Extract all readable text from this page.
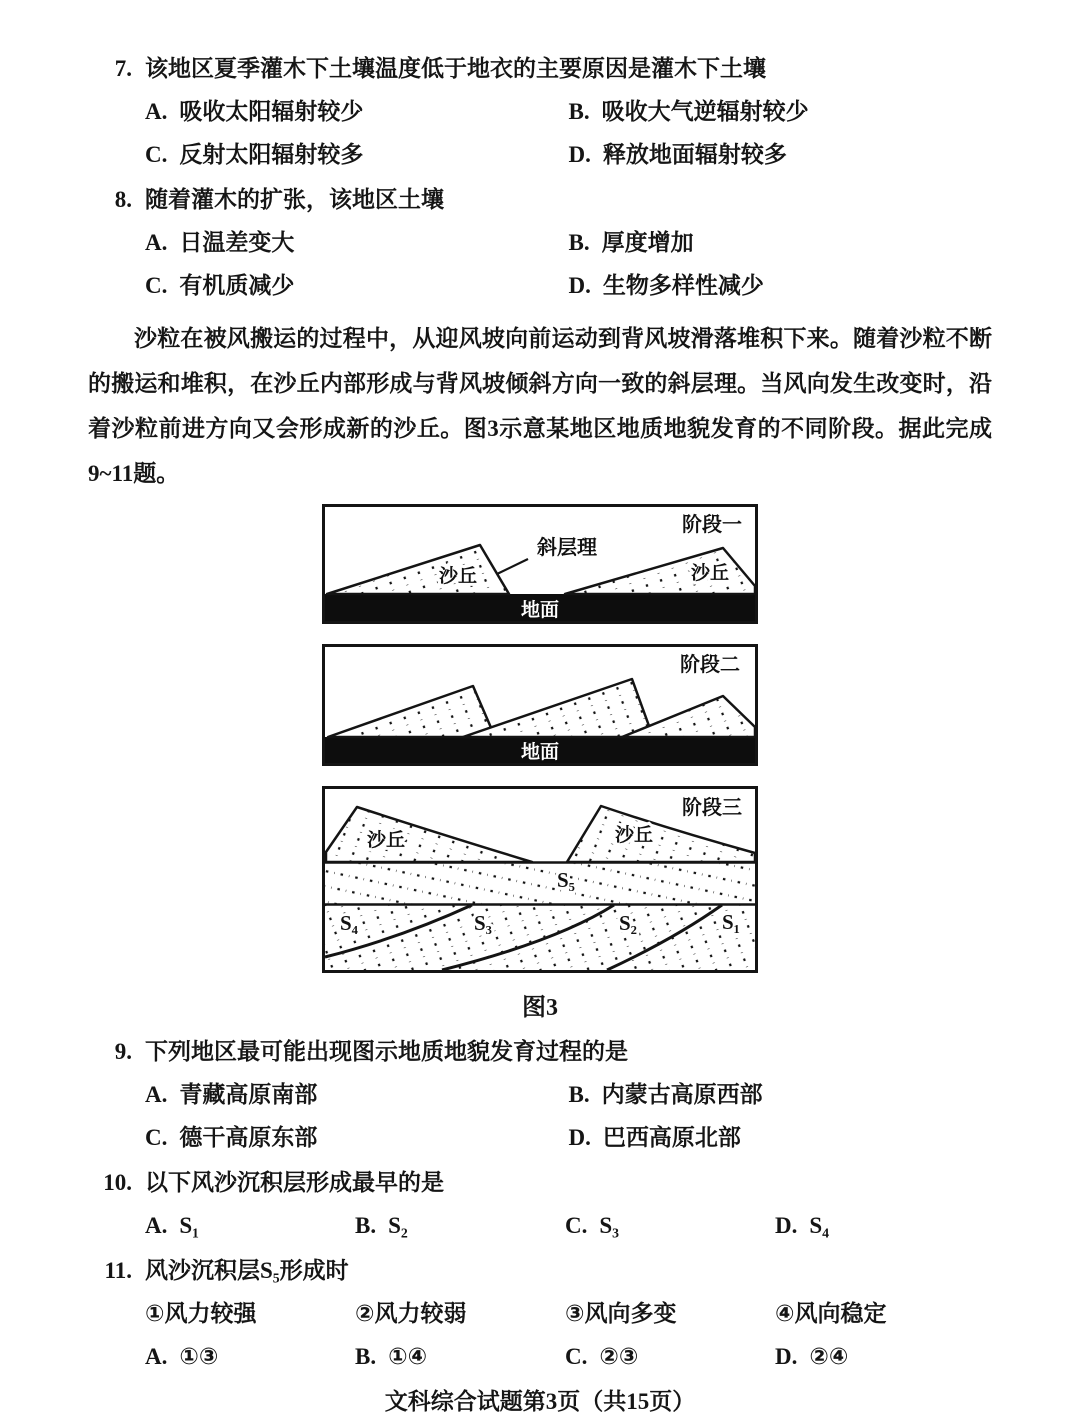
7. 该地区夏季灌木下土壤温度低于地衣的主要原因是灌木下土壤
A. 吸收太阳辐射较少	B. 吸收大气逆辐射较少
C. 反射太阳辐射较多	D. 释放地面辐射较多
8. 随着灌木的扩张，该地区土壤
A. 日温差变大	B. 厚度增加
C. 有机质减少	D. 生物多样性减少

沙粒在被风搬运的过程中，从迎风坡向前运动到背风坡滑落堆积下来。随着沙粒不断的搬运和堆积，在沙丘内部形成与背风坡倾斜方向一致的斜层理。当风向发生改变时，沿着沙粒前进方向又会形成新的沙丘。图3示意某地区地质地貌发育的不同阶段。据此完成9~11题。

斜层理
阶段一
沙丘	沙丘
地面
阶段二
地面
阶段三
沙丘	沙丘
S₅
S₄	S₃	S₂	S₁
图3
9. 下列地区最可能出现图示地质地貌发育过程的是
A. 青藏高原南部	B. 内蒙古高原西部
C. 德干高原东部	D. 巴西高原北部
10. 以下风沙沉积层形成最早的是
A. S₁	B. S₂	C. S₃	D. S₄
11. 风沙沉积层S₅形成时
①风力较强	②风力较弱	③风向多变	④风向稳定
A. ①③	B. ①④	C. ②③	D. ②④
文科综合试题第3页（共15页）
